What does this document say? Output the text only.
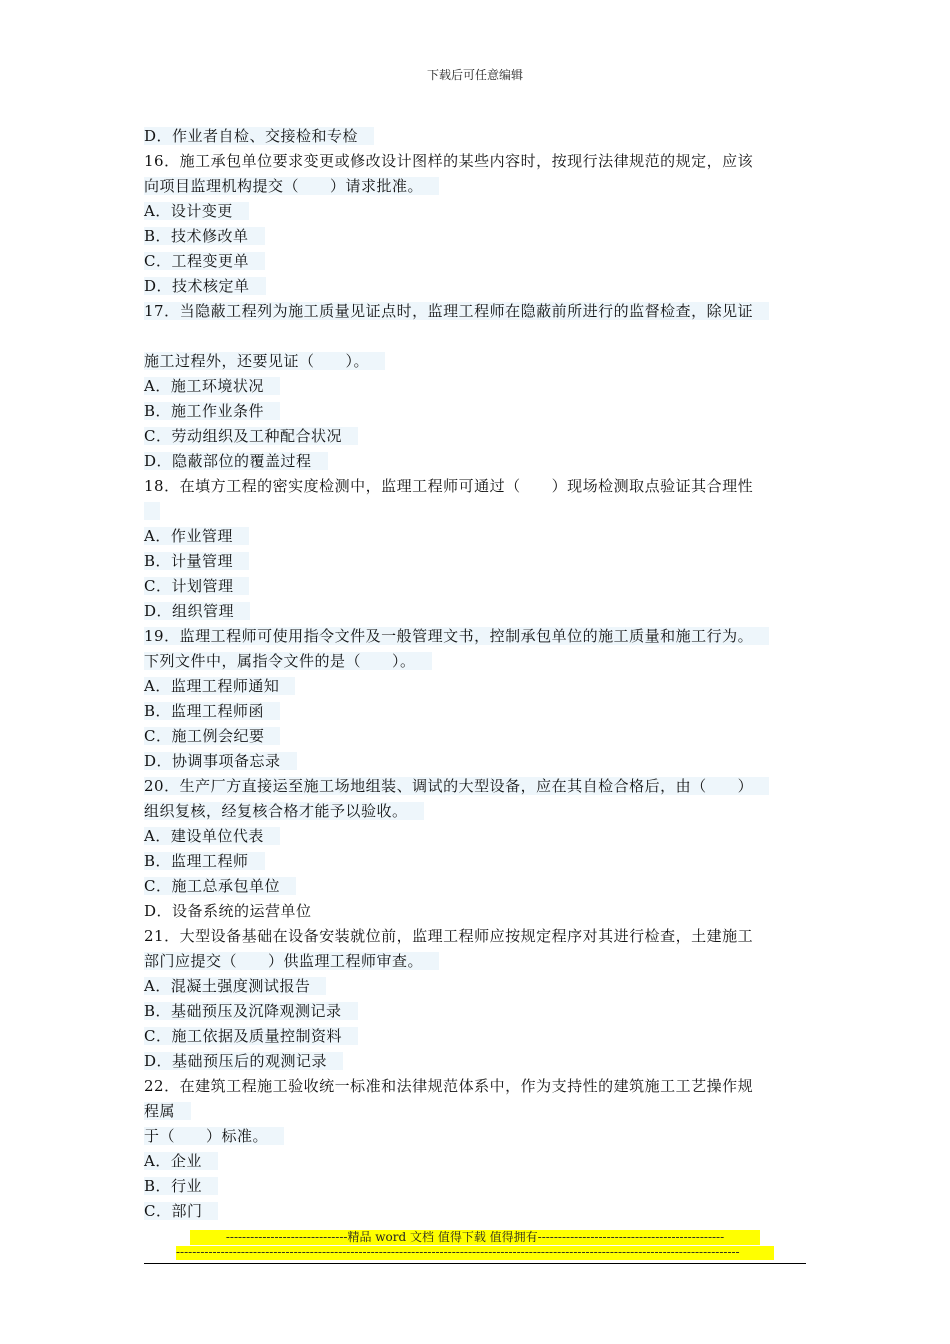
下载后可任意编辑
D．作业者自检、交接检和专检
16．施工承包单位要求变更或修改设计图样的某些内容时，按现行法律规范的规定，应该
向项目监理机构提交（　　）请求批准。
A．设计变更
B．技术修改单
C．工程变更单
D．技术核定单
17．当隐蔽工程列为施工质量见证点时，监理工程师在隐蔽前所进行的监督检查，除见证
施工过程外，还要见证（　　）。
A．施工环境状况
B．施工作业条件
C．劳动组织及工种配合状况
D．隐蔽部位的覆盖过程
18．在填方工程的密实度检测中，监理工程师可通过（　　）现场检测取点验证其合理性
A．作业管理
B．计量管理
C．计划管理
D．组织管理
19．监理工程师可使用指令文件及一般管理文书，控制承包单位的施工质量和施工行为。
下列文件中，属指令文件的是（　　）。
A．监理工程师通知
B．监理工程师函
C．施工例会纪要
D．协调事项备忘录
20．生产厂方直接运至施工场地组装、调试的大型设备，应在其自检合格后，由（　　）
组织复核，经复核合格才能予以验收。
A．建设单位代表
B．监理工程师
C．施工总承包单位
D．设备系统的运营单位
21．大型设备基础在设备安装就位前，监理工程师应按规定程序对其进行检查，土建施工
部门应提交（　　）供监理工程师审查。
A．混凝土强度测试报告
B．基础预压及沉降观测记录
C．施工依据及质量控制资料
D．基础预压后的观测记录
22．在建筑工程施工验收统一标准和法律规范体系中，作为支持性的建筑施工工艺操作规
程属
于（　　）标准。
A．企业
B．行业
C．部门
------------------------------精品 word 文档 值得下载 值得拥有----------------------------------------------
-------------------------------------------------------------------------------------------------------------------------------------------
